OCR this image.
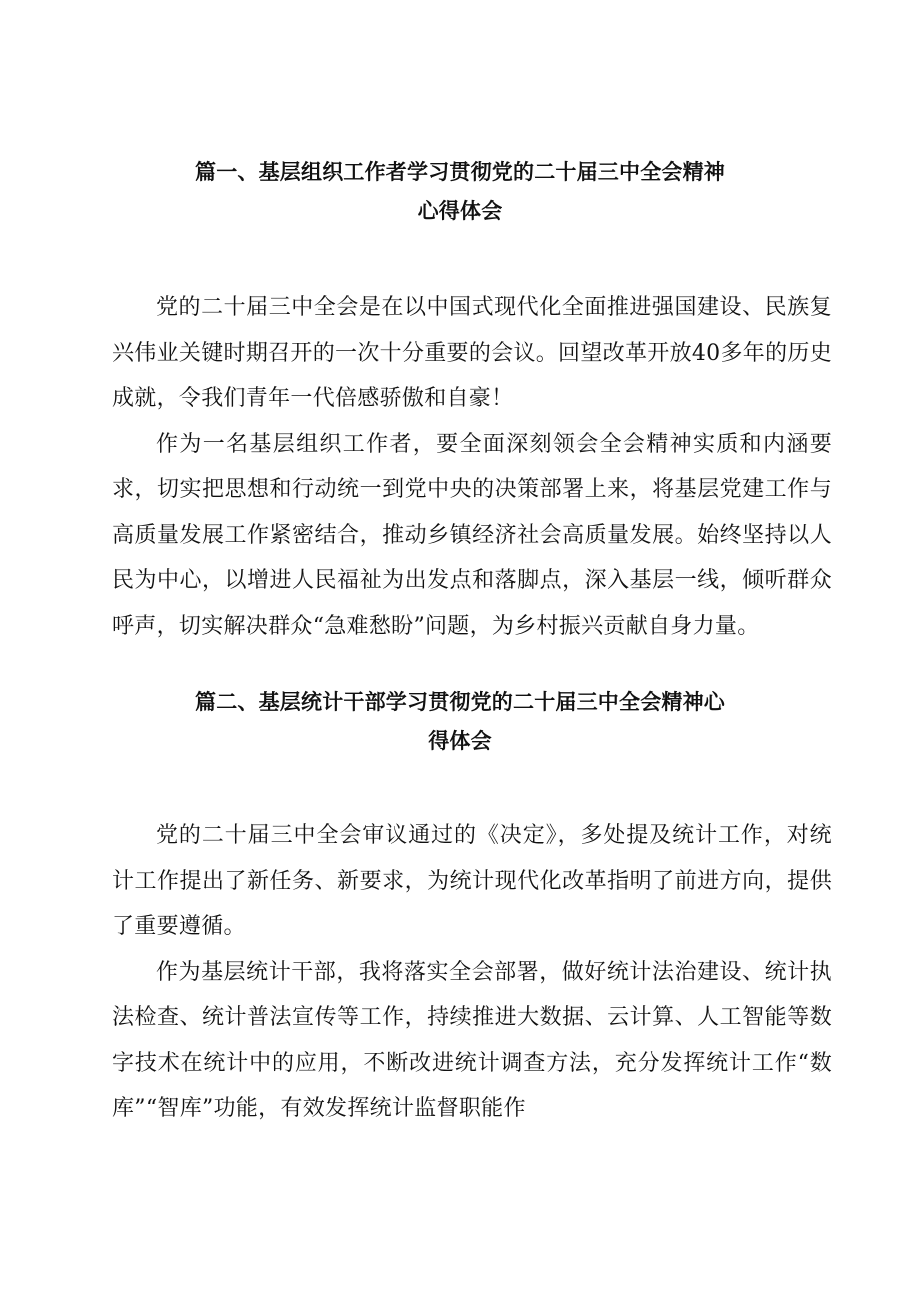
篇一、基层组织工作者学习贯彻党的二十届三中全会精神
心得体会

党的二十届三中全会是在以中国式现代化全面推进强国建设、民族复兴伟业关键时期召开的一次十分重要的会议。回望改革开放40多年的历史成就，令我们青年一代倍感骄傲和自豪！

作为一名基层组织工作者，要全面深刻领会全会精神实质和内涵要求，切实把思想和行动统一到党中央的决策部署上来，将基层党建工作与高质量发展工作紧密结合，推动乡镇经济社会高质量发展。始终坚持以人民为中心，以增进人民福祉为出发点和落脚点，深入基层一线，倾听群众呼声，切实解决群众“急难愁盼”问题，为乡村振兴贡献自身力量。

篇二、基层统计干部学习贯彻党的二十届三中全会精神心
得体会

党的二十届三中全会审议通过的《决定》，多处提及统计工作，对统计工作提出了新任务、新要求，为统计现代化改革指明了前进方向，提供了重要遵循。

作为基层统计干部，我将落实全会部署，做好统计法治建设、统计执法检查、统计普法宣传等工作，持续推进大数据、云计算、人工智能等数字技术在统计中的应用，不断改进统计调查方法，充分发挥统计工作“数库”“智库”功能，有效发挥统计监督职能作
